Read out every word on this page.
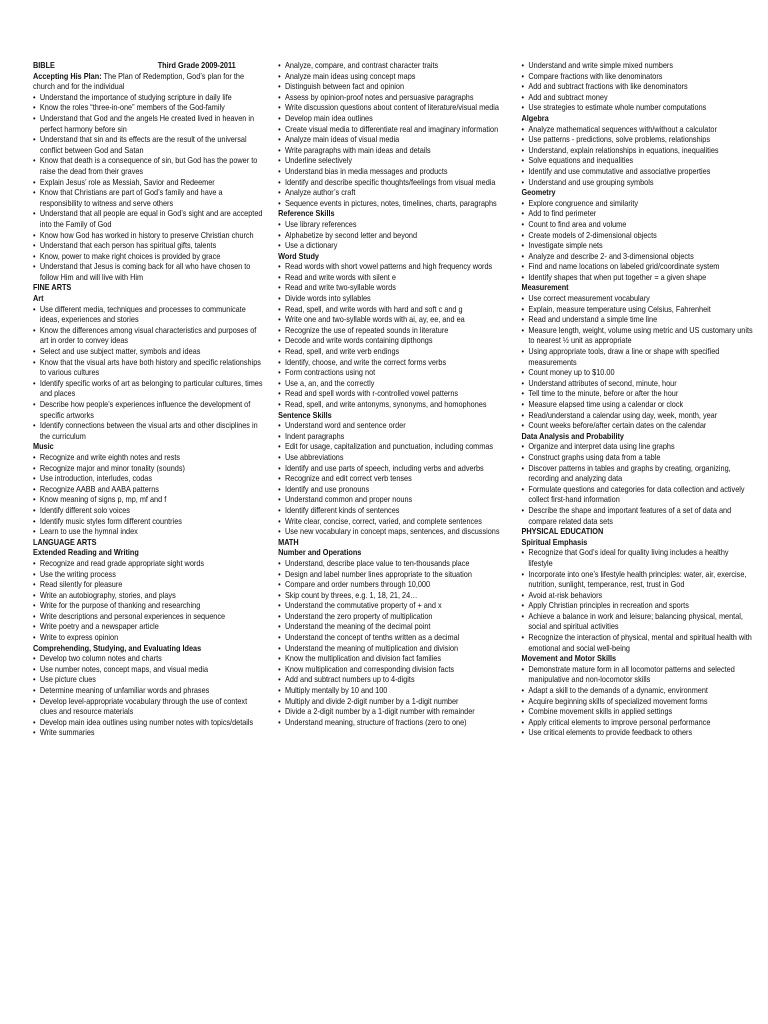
BIBLE	Third Grade 2009-2011
Accepting His Plan: The Plan of Redemption, God’s plan for the church and for the individual
• Understand the importance of studying scripture in daily life
• Know the roles “three-in-one” members of the God-family
• Understand that God and the angels He created lived in heaven in perfect harmony before sin
• Understand that sin and its effects are the result of the universal conflict between God and Satan
• Know that death is a consequence of sin, but God has the power to raise the dead from their graves
• Explain Jesus’ role as Messiah, Savior and Redeemer
• Know that Christians are part of God’s family and have a responsibility to witness and serve others
• Understand that all people are equal in God’s sight and are accepted into the Family of God
• Know how God has worked in history to preserve Christian church
• Understand that each person has spiritual gifts, talents
• Know, power to make right choices is provided by grace
• Understand that Jesus is coming back for all who have chosen to follow Him and will live with Him
FINE ARTS
Art
• Use different media, techniques and processes to communicate ideas, experiences and stories
• Know the differences among visual characteristics and purposes of art in order to convey ideas
• Select and use subject matter, symbols and ideas
• Know that the visual arts have both history and specific relationships to various cultures
• Identify specific works of art as belonging to particular cultures, times and places
• Describe how people’s experiences influence the development of specific artworks
• Identify connections between the visual arts and other disciplines in the curriculum
Music
• Recognize and write eighth notes and rests
• Recognize major and minor tonality (sounds)
• Use introduction, interludes, codas
• Recognize AABB and AABA patterns
• Know meaning of signs p, mp, mf and f
• Identify different solo voices
• Identify music styles form different countries
• Learn to use the hymnal index
LANGUAGE ARTS
Extended Reading and Writing
• Recognize and read grade appropriate sight words
• Use the writing process
• Read silently for pleasure
• Write an autobiography, stories, and plays
• Write for the purpose of thanking and researching
• Write descriptions and personal experiences in sequence
• Write poetry and a newspaper article
• Write to express opinion
Comprehending, Studying, and Evaluating Ideas
• Develop two column notes and charts
• Use number notes, concept maps, and visual media
• Use picture clues
• Determine meaning of unfamiliar words and phrases
• Develop level-appropriate vocabulary through the use of context clues and resource materials
• Develop main idea outlines using number notes with topics/details
• Write summaries
• Analyze, compare, and contrast character traits
• Analyze main ideas using concept maps
• Distinguish between fact and opinion
• Assess by opinion-proof notes and persuasive paragraphs
• Write discussion questions about content of literature/visual media
• Develop main idea outlines
• Create visual media to differentiate real and imaginary information
• Analyze main ideas of visual media
• Write paragraphs with main ideas and details
• Underline selectively
• Understand bias in media messages and products
• Identify and describe specific thoughts/feelings from visual media
• Analyze author’s craft
• Sequence events in pictures, notes, timelines, charts, paragraphs
Reference Skills
• Use library references
• Alphabetize by second letter and beyond
• Use a dictionary
Word Study
• Read words with short vowel patterns and high frequency words
• Read and write words with silent e
• Read and write two-syllable words
• Divide words into syllables
• Read, spell, and write words with hard and soft c and g
• Write one and two-syllable words with ai, ay, ee, and ea
• Recognize the use of repeated sounds in literature
• Decode and write words containing dipthongs
• Read, spell, and write verb endings
• Identify, choose, and write the correct forms verbs
• Form contractions using not
• Use a, an, and the correctly
• Read and spell words with r-controlled vowel patterns
• Read, spell, and write antonyms, synonyms, and homophones
Sentence Skills
• Understand word and sentence order
• Indent paragraphs
• Edit for usage, capitalization and punctuation, including commas
• Use abbreviations
• Identify and use parts of speech, including verbs and adverbs
• Recognize and edit correct verb tenses
• Identify and use pronouns
• Understand common and proper nouns
• Identify different kinds of sentences
• Write clear, concise, correct, varied, and complete sentences
• Use new vocabulary in concept maps, sentences, and discussions
MATH
Number and Operations
• Understand, describe place value to ten-thousands place
• Design and label number lines appropriate to the situation
• Compare and order numbers through 10,000
• Skip count by threes, e.g. 1, 18, 21, 24…
• Understand the commutative property of + and x
• Understand the zero property of multiplication
• Understand the meaning of the decimal point
• Understand the concept of tenths written as a decimal
• Understand the meaning of multiplication and division
• Know the multiplication and division fact families
• Know multiplication and corresponding division facts
• Add and subtract numbers up to 4-digits
• Multiply mentally by 10 and 100
• Multiply and divide 2-digit number by a 1-digit number
• Divide a 2-digit number by a 1-digit number with remainder
• Understand meaning, structure of fractions (zero to one)
• Understand and write simple mixed numbers
• Compare fractions with like denominators
• Add and subtract fractions with like denominators
• Add and subtract money
• Use strategies to estimate whole number computations
Algebra
• Analyze mathematical sequences with/without a calculator
• Use patterns - predictions, solve problems, relationships
• Understand, explain relationships in equations, inequalities
• Solve equations and inequalities
• Identify and use commutative and associative properties
• Understand and use grouping symbols
Geometry
• Explore congruence and similarity
• Add to find perimeter
• Count to find area and volume
• Create models of 2-dimensional objects
• Investigate simple nets
• Analyze and describe 2- and 3-dimensional objects
• Find and name locations on labeled grid/coordinate system
• Identify shapes that when put together = a given shape
Measurement
• Use correct measurement vocabulary
• Explain, measure temperature using Celsius, Fahrenheit
• Read and understand a simple time line
• Measure length, weight, volume using metric and US customary units to nearest ½ unit as appropriate
• Using appropriate tools, draw a line or shape with specified measurements
• Count money up to $10.00
• Understand attributes of second, minute, hour
• Tell time to the minute, before or after the hour
• Measure elapsed time using a calendar or clock
• Read/understand a calendar using day, week, month, year
• Count weeks before/after certain dates on the calendar
Data Analysis and Probability
• Organize and interpret data using line graphs
• Construct graphs using data from a table
• Discover patterns in tables and graphs by creating, organizing, recording and analyzing data
• Formulate questions and categories for data collection and actively collect first-hand information
• Describe the shape and important features of a set of data and compare related data sets
PHYSICAL EDUCATION
Spiritual Emphasis
• Recognize that God’s ideal for quality living includes a healthy lifestyle
• Incorporate into one’s lifestyle health principles: water, air, exercise, nutrition, sunlight, temperance, rest, trust in God
• Avoid at-risk behaviors
• Apply Christian principles in recreation and sports
• Achieve a balance in work and leisure; balancing physical, mental, social and spiritual activities
• Recognize the interaction of physical, mental and spiritual health with emotional and social well-being
Movement and Motor Skills
• Demonstrate mature form in all locomotor patterns and selected manipulative and non-locomotor skills
• Adapt a skill to the demands of a dynamic, environment
• Acquire beginning skills of specialized movement forms
• Combine movement skills in applied settings
• Apply critical elements to improve personal performance
• Use critical elements to provide feedback to others
